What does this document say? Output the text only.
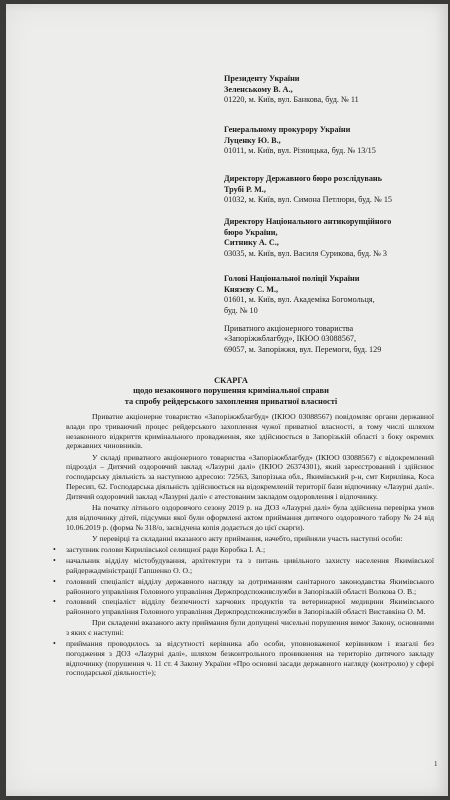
Президенту України
Зеленському В. А.,
01220, м. Київ, вул. Банкова, буд. № 11
Генеральному прокурору України
Луценку Ю. В.,
01011, м. Київ, вул. Різницька, буд. № 13/15
Директору Державного бюро розслідувань
Трубі Р. М.,
01032, м. Київ, вул. Симона Петлюри, буд. № 15
Директору Національного антикорупційного
бюро України,
Ситнику А. С.,
03035, м. Київ, вул. Василя Сурикова, буд. № 3
Голові Національної поліції України
Князєву С. М.,
01601, м. Київ, вул. Академіка Богомольця,
буд. № 10
Приватного акціонерного товариства
«Запоріжжблагбуд», ІКЮО 03088567,
69057, м. Запоріжжя, вул. Перемоги, буд. 129
СКАРГА
щодо незаконного порушення кримінальної справи
та спробу рейдерського захоплення приватної власності

Приватне акціонерне товариство «Запоріжжблагбуд» (ІКЮО 03088567) повідомляє органи державної влади про триваючий процес рейдерського захоплення чужої приватної власності, в тому числі шляхом незаконного відкриття кримінального провадження, яке здійснюється в Запорізькій області з боку окремих державних чиновників.

У складі приватного акціонерного товариства «Запоріжжблагбуд» (ІКЮО 03088567) є відокремлений підрозділ – Дитячий оздоровчий заклад «Лазурні далі» (ІКЮО 26374301), який зареєстрований і здійснює господарську діяльність за наступною адресою: 72563, Запорізька обл., Якимівський р-н, смт Кирилівка, Коса Пересип, 62. Господарська діяльність здійснюється на відокремленій території бази відпочинку «Лазурні далі». Дитячий оздоровчий заклад «Лазурні далі» є атестованим закладом оздоровлення і відпочинку.

На початку літнього оздоровчого сезону 2019 р. на ДОЗ «Лазурні далі» була здійснена перевірка умов для відпочинку дітей, підсумки якої були оформлені актом приймання дитячого оздоровчого табору № 24 від 10.06.2019 р. (форма № 318/о, засвідчена копія додається до цієї скарги).

У перевірці та складанні вказаного акту приймання, начебто, прийняли участь наступні особи:

• заступник голови Кирилівської селищної ради Коробка І. А.;
• начальник відділу містобудування, архітектури та з питань цивільного захисту населення Якимівської райдержадміністрації Гапшенко О. О.;
• головний спеціаліст відділу державного нагляду за дотриманням санітарного законодавства Якимівського районного управління Головного управління Держпродспоживслужби в Запорізькій області Волкова О. В.;
• головний спеціаліст відділу безпечності харчових продуктів та ветеринарної медицини Якимівського районного управління Головного управління Держпродспоживслужби в Запорізькій області Виставкіна О. М.

При складенні вказаного акту приймання були допущені чисельні порушення вимог Закону, основними з яких є наступні:

• приймання проводилось за відсутності керівника або особи, уповноваженої керівником і взагалі без погодження з ДОЗ «Лазурні далі», шляхом безконтрольного проникнення на територію дитячого закладу відпочинку (порушення ч. 11 ст. 4 Закону України «Про основні засади державного нагляду (контролю) у сфері господарської діяльності»);
1
